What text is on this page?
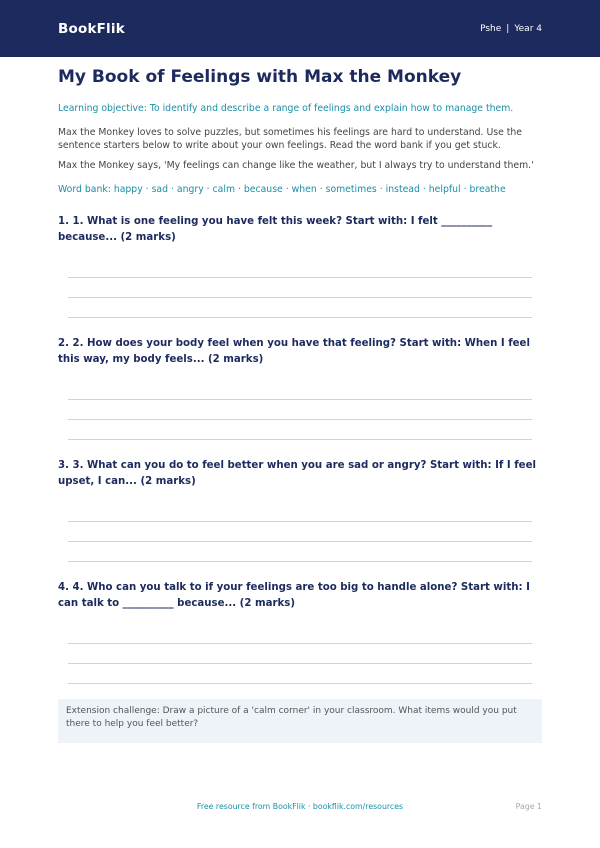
BookFlik	Pshe | Year 4
My Book of Feelings with Max the Monkey
Learning objective: To identify and describe a range of feelings and explain how to manage them.
Max the Monkey loves to solve puzzles, but sometimes his feelings are hard to understand. Use the sentence starters below to write about your own feelings. Read the word bank if you get stuck.
Max the Monkey says, 'My feelings can change like the weather, but I always try to understand them.'
Word bank: happy · sad · angry · calm · because · when · sometimes · instead · helpful · breathe
1. 1. What is one feeling you have felt this week? Start with: I felt __________ because... (2 marks)
2. 2. How does your body feel when you have that feeling? Start with: When I feel this way, my body feels... (2 marks)
3. 3. What can you do to feel better when you are sad or angry? Start with: If I feel upset, I can... (2 marks)
4. 4. Who can you talk to if your feelings are too big to handle alone? Start with: I can talk to __________ because... (2 marks)
Extension challenge: Draw a picture of a 'calm corner' in your classroom. What items would you put there to help you feel better?
Free resource from BookFlik · bookflik.com/resources	Page 1
